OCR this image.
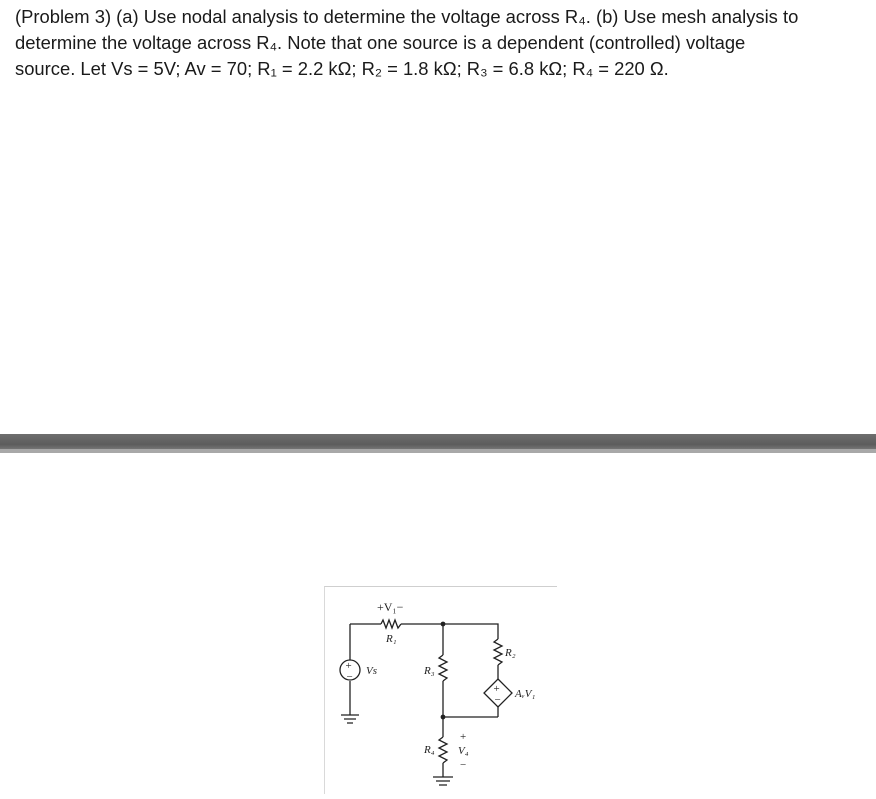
(Problem 3) (a) Use nodal analysis to determine the voltage across R₄. (b) Use mesh analysis to

determine the voltage across R₄. Note that one source is a dependent (controlled) voltage

source. Let Vs = 5V; Av = 70; R₁ = 2.2 kΩ; R₂ = 1.8 kΩ; R₃ = 6.8 kΩ; R₄ = 220 Ω.

+
−
+
−
+V₁−
R₁
Vs	R₃
R₂
AᵥV₁
R₄
+
V₄
−
